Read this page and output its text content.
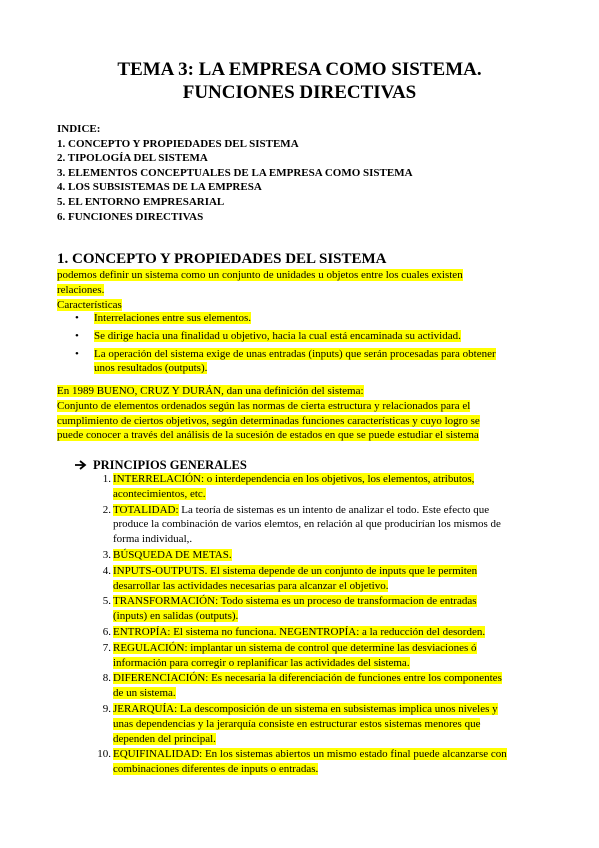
TEMA 3: LA EMPRESA COMO SISTEMA.
FUNCIONES DIRECTIVAS
INDICE:
1. CONCEPTO Y PROPIEDADES DEL SISTEMA
2. TIPOLOGÍA DEL SISTEMA
3. ELEMENTOS CONCEPTUALES DE LA EMPRESA COMO SISTEMA
4. LOS SUBSISTEMAS DE LA EMPRESA
5. EL ENTORNO EMPRESARIAL
6. FUNCIONES DIRECTIVAS
1. CONCEPTO Y PROPIEDADES DEL SISTEMA
podemos definir un sistema como un conjunto de unidades u objetos entre los cuales existen
relaciones.
Características
• Interrelaciones entre sus elementos.
• Se dirige hacia una finalidad u objetivo, hacia la cual está encaminada su actividad.
• La operación del sistema exige de unas entradas (inputs) que serán procesadas para obtener
unos resultados (outputs).
En 1989 BUENO, CRUZ Y DURÁN, dan una definición del sistema:
Conjunto de elementos ordenados según las normas de cierta estructura y relacionados para el
cumplimiento de ciertos objetivos, según determinadas funciones características y cuyo logro se
puede conocer a través del análisis de la sucesión de estados en que se puede estudiar el sistema
PRINCIPIOS GENERALES
1. INTERRELACIÓN: o interdependencia en los objetivos, los elementos, atributos,
acontecimientos, etc.
2. TOTALIDAD: La teoría de sistemas es un intento de analizar el todo. Este efecto que
produce la combinación de varios elemtos, en relación al que producirían los mismos de
forma individual,.
3. BÚSQUEDA DE METAS.
4. INPUTS-OUTPUTS. El sistema depende de un conjunto de inputs que le permiten
desarrollar las actividades necesarias para alcanzar el objetivo.
5. TRANSFORMACIÓN: Todo sistema es un proceso de transformacion de entradas
(inputs) en salidas (outputs).
6. ENTROPÍA: El sistema no funciona. NEGENTROPÍA: a la reducción del desorden.
7. REGULACIÓN: implantar un sistema de control que determine las desviaciones ó
información para corregir o replanificar las actividades del sistema.
8. DIFERENCIACIÓN: Es necesaria la diferenciación de funciones entre los componentes
de un sistema.
9. JERARQUÍA: La descomposición de un sistema en subsistemas implica unos niveles y
unas dependencias y la jerarquía consiste en estructurar estos sistemas menores que
dependen del principal.
10. EQUIFINALIDAD: En los sistemas abiertos un mismo estado final puede alcanzarse con
combinaciones diferentes de inputs o entradas.
